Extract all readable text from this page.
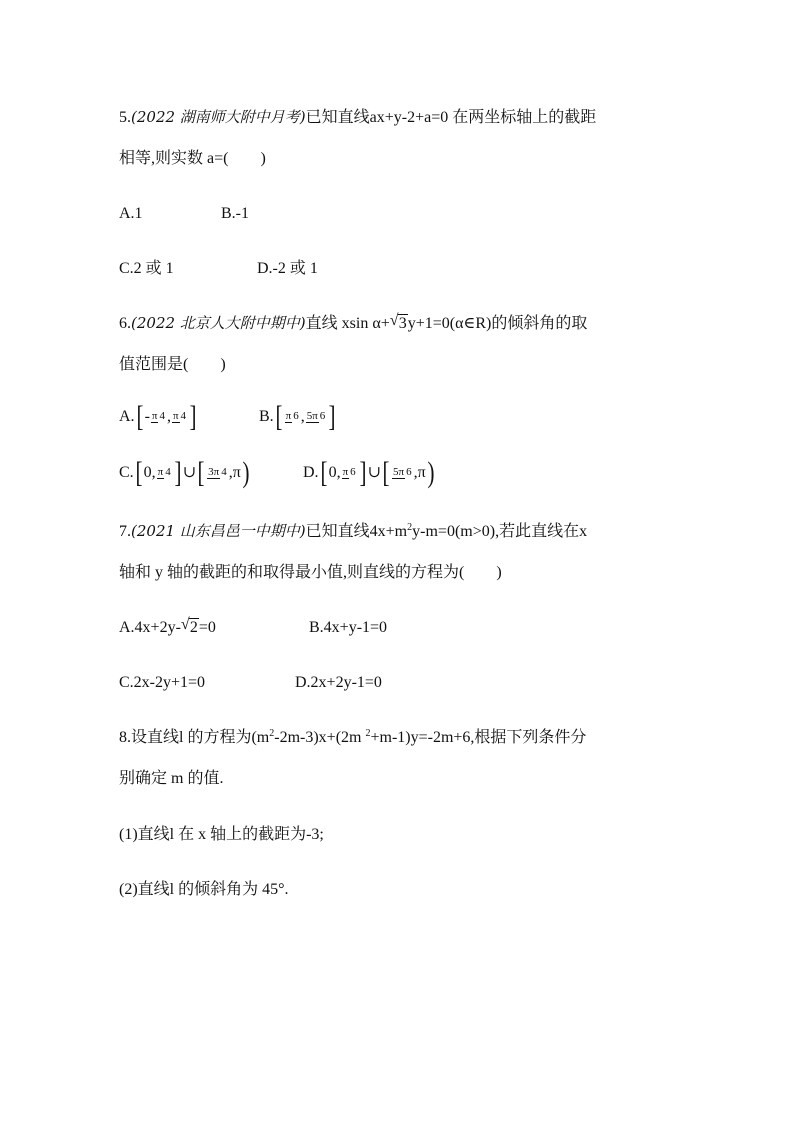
5.(2022 湖南师大附中月考)已知直线ax+y-2+a=0 在两坐标轴上的截距
相等,则实数 a=(　　)
A.1	B.-1
C.2 或 1	D.-2 或 1
6.(2022 北京人大附中期中)直线 xsin α+ √ 3y+1=0(α∈R)的倾斜角的取
值范围是(　　)
A. [ - π 4 , π 4 ]	B. [ π 6 , 5π 6 ]
C. [ 0 , π 4 ] ∪ [ 3π 4 , π )	D. [ 0 , π 6 ] ∪ [ 5π 6 , π )
7.(2021 山东昌邑一中期中)已知直线$4x+m^2y-m=0(m>0)$,若此直线在x
轴和 y 轴的截距的和取得最小值,则直线的方程为(　　)
A.4x+2y- √ 2=0	B.4x+y-1=0
C.2x-2y+1=0	D.2x+2y-1=0
8.设直线l 的方程为$(m^2-2m-3)x+(2m$ $^2$+m-1)y=-2m+6,根据下列条件分
别确定 m 的值.
(1)直线l 在 x 轴上的截距为-3;
(2)直线l 的倾斜角为 45°.
